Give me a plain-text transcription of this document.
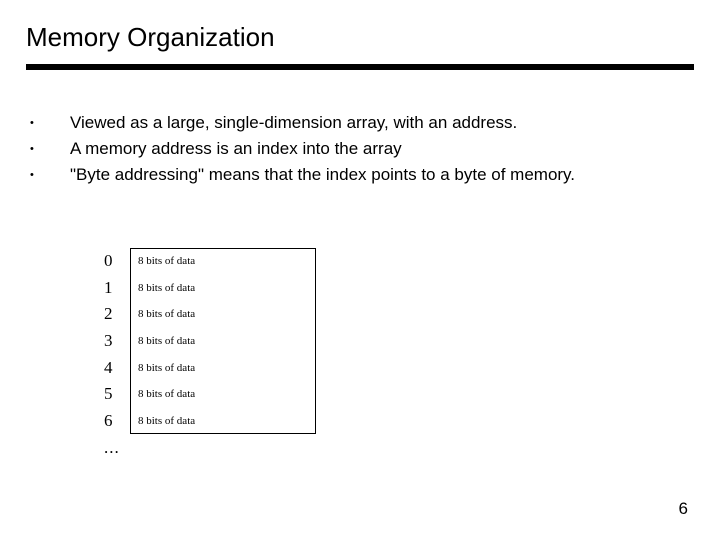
Memory Organization
• Viewed as a large, single-dimension array, with an address.
• A memory address is an index into the array
• "Byte addressing" means that the index points to a byte of memory.
0	8 bits of data
1	8 bits of data
2	8 bits of data
3	8 bits of data
4	8 bits of data
5	8 bits of data
6	8 bits of data
...
6
